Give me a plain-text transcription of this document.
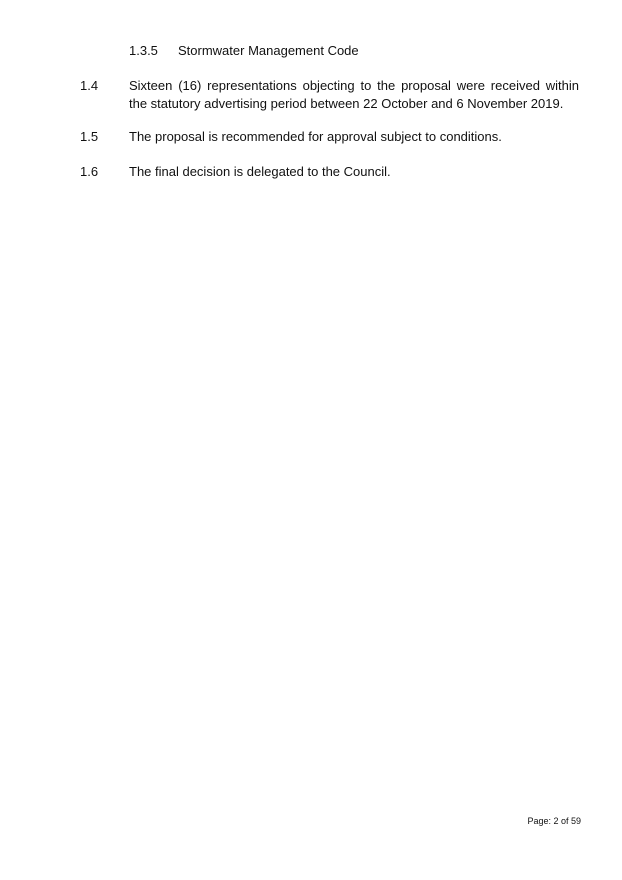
1.3.5 Stormwater Management Code
1.4 Sixteen (16) representations objecting to the proposal were received within the statutory advertising period between 22 October and 6 November 2019.
1.5 The proposal is recommended for approval subject to conditions.
1.6 The final decision is delegated to the Council.
Page: 2 of 59
